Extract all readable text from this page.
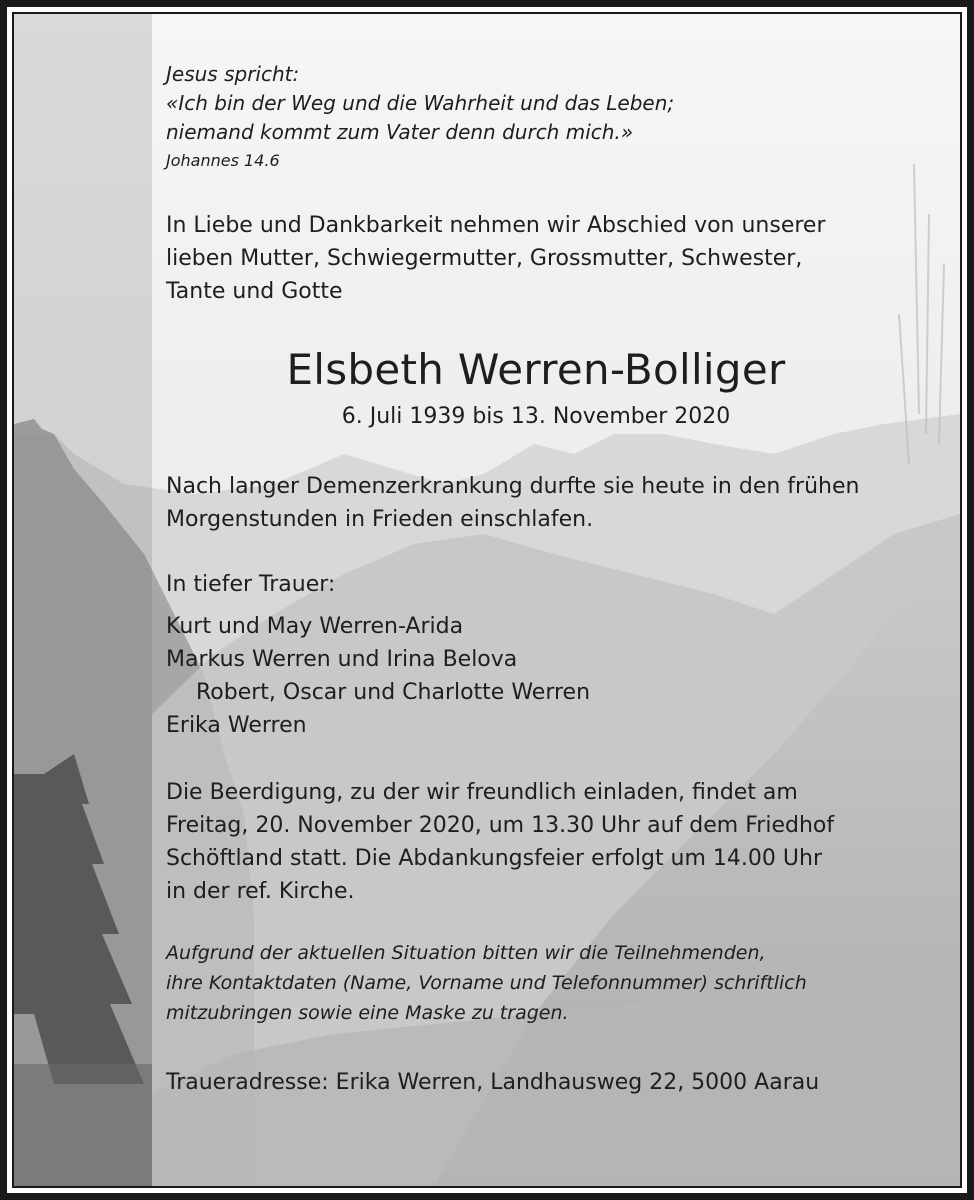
Jesus spricht:
«Ich bin der Weg und die Wahrheit und das Leben;
niemand kommt zum Vater denn durch mich.»
Johannes 14.6
In Liebe und Dankbarkeit nehmen wir Abschied von unserer
lieben Mutter, Schwiegermutter, Grossmutter, Schwester,
Tante und Gotte
Elsbeth Werren-Bolliger
6. Juli 1939 bis 13. November 2020
Nach langer Demenzerkrankung durfte sie heute in den frühen
Morgenstunden in Frieden einschlafen.
In tiefer Trauer:
Kurt und May Werren-Arida
Markus Werren und Irina Belova
Robert, Oscar und Charlotte Werren
Erika Werren
Die Beerdigung, zu der wir freundlich einladen, findet am
Freitag, 20. November 2020, um 13.30 Uhr auf dem Friedhof
Schöftland statt. Die Abdankungsfeier erfolgt um 14.00 Uhr
in der ref. Kirche.
Aufgrund der aktuellen Situation bitten wir die Teilnehmenden,
ihre Kontaktdaten (Name, Vorname und Telefonnummer) schriftlich
mitzubringen sowie eine Maske zu tragen.
Traueradresse: Erika Werren, Landhausweg 22, 5000 Aarau
